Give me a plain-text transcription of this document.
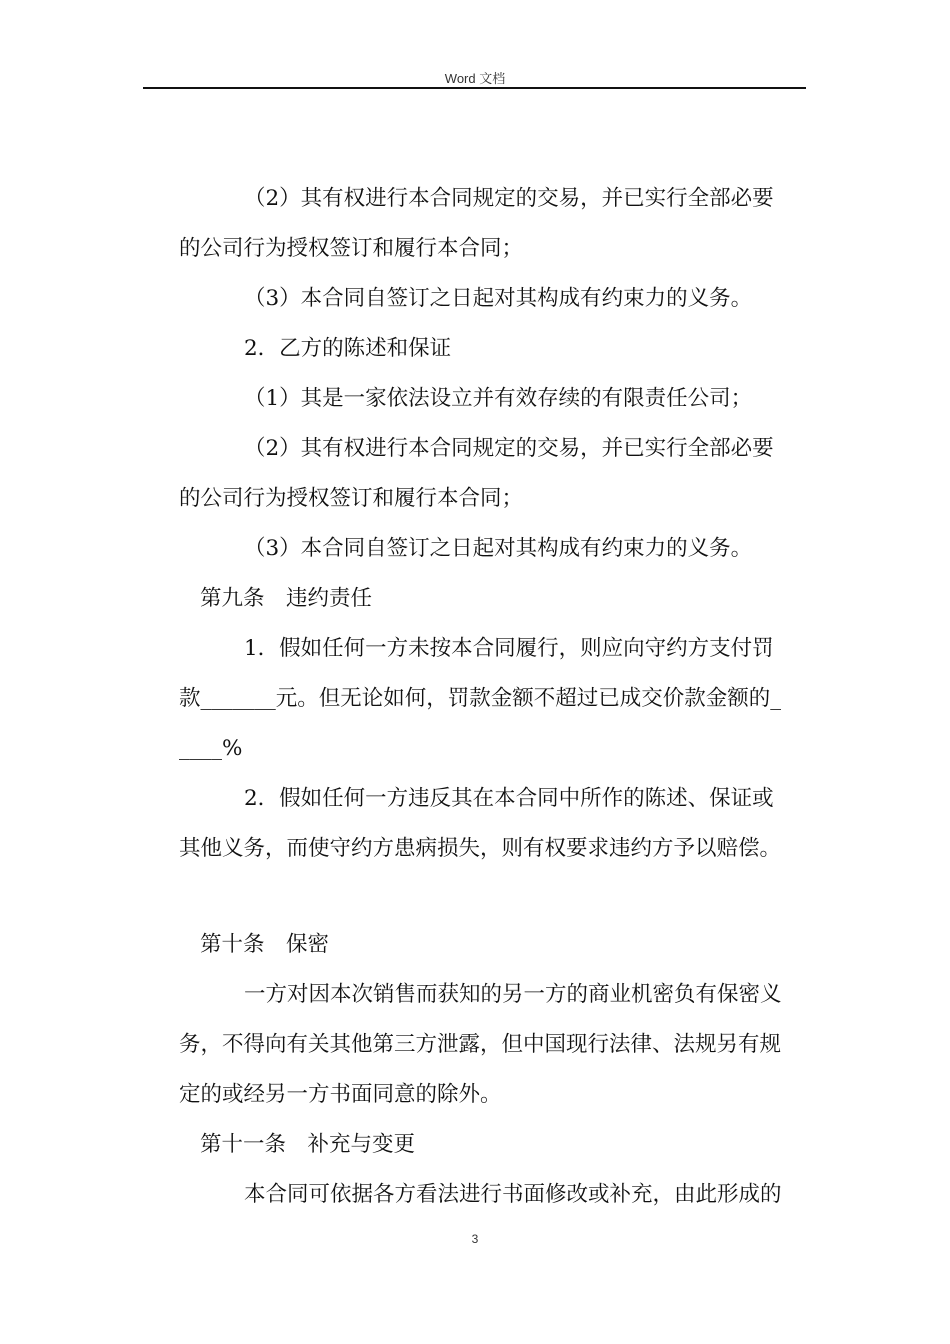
Word 文档
（2）其有权进行本合同规定的交易，并已实行全部必要
的公司行为授权签订和履行本合同；
（3）本合同自签订之日起对其构成有约束力的义务。
2．乙方的陈述和保证
（1）其是一家依法设立并有效存续的有限责任公司；
（2）其有权进行本合同规定的交易，并已实行全部必要
的公司行为授权签订和履行本合同；
（3）本合同自签订之日起对其构成有约束力的义务。
第九条　违约责任
1．假如任何一方未按本合同履行，则应向守约方支付罚
款_______元。但无论如何，罚款金额不超过已成交价款金额的_
____%
2．假如任何一方违反其在本合同中所作的陈述、保证或
其他义务，而使守约方患病损失，则有权要求违约方予以赔偿。
第十条　保密
一方对因本次销售而获知的另一方的商业机密负有保密义
务，不得向有关其他第三方泄露，但中国现行法律、法规另有规
定的或经另一方书面同意的除外。
第十一条　补充与变更
本合同可依据各方看法进行书面修改或补充，由此形成的
3
